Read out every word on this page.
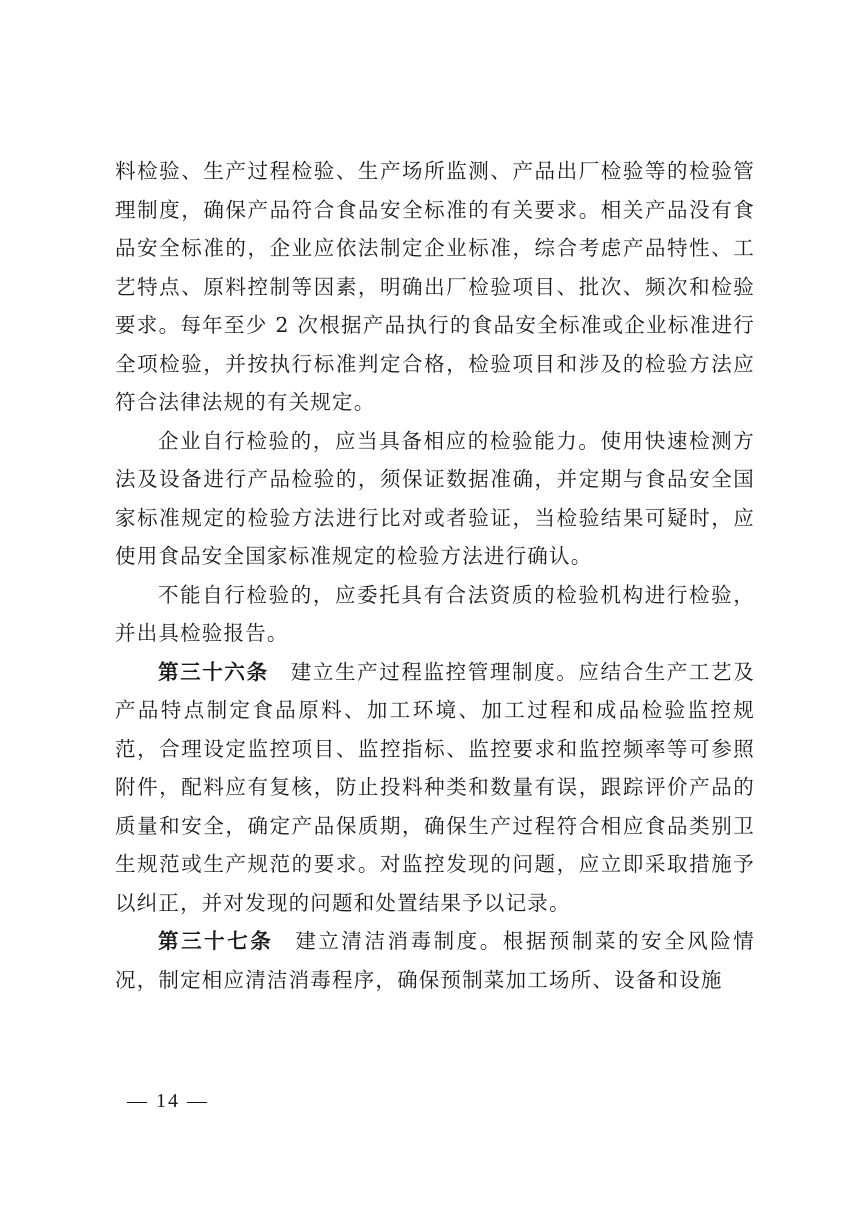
料检验、生产过程检验、生产场所监测、产品出厂检验等的检验管理制度，确保产品符合食品安全标准的有关要求。相关产品没有食品安全标准的，企业应依法制定企业标准，综合考虑产品特性、工艺特点、原料控制等因素，明确出厂检验项目、批次、频次和检验要求。每年至少 2 次根据产品执行的食品安全标准或企业标准进行全项检验，并按执行标准判定合格，检验项目和涉及的检验方法应符合法律法规的有关规定。

企业自行检验的，应当具备相应的检验能力。使用快速检测方法及设备进行产品检验的，须保证数据准确，并定期与食品安全国家标准规定的检验方法进行比对或者验证，当检验结果可疑时，应使用食品安全国家标准规定的检验方法进行确认。

不能自行检验的，应委托具有合法资质的检验机构进行检验，并出具检验报告。

第三十六条 建立生产过程监控管理制度。应结合生产工艺及产品特点制定食品原料、加工环境、加工过程和成品检验监控规范，合理设定监控项目、监控指标、监控要求和监控频率等可参照附件，配料应有复核，防止投料种类和数量有误，跟踪评价产品的质量和安全，确定产品保质期，确保生产过程符合相应食品类别卫生规范或生产规范的要求。对监控发现的问题，应立即采取措施予以纠正，并对发现的问题和处置结果予以记录。

第三十七条 建立清洁消毒制度。根据预制菜的安全风险情况，制定相应清洁消毒程序，确保预制菜加工场所、设备和设施

— 14 —
